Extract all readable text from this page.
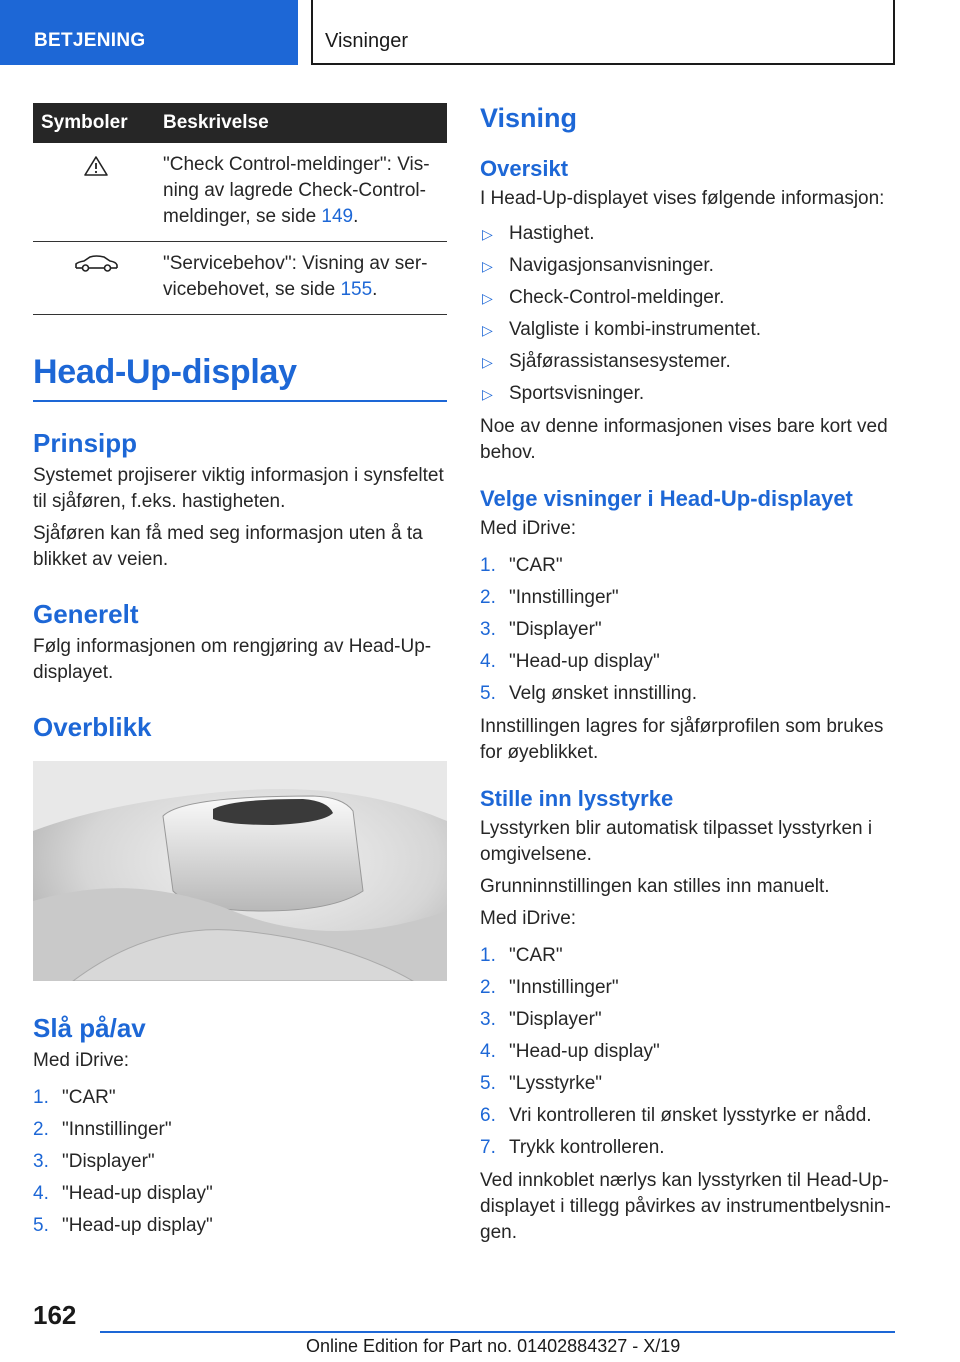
BETJENING	Visninger
Symboler	Beskrivelse
	"Check Control-meldinger": Visning av lagrede Check-Control-meldinger, se side 149.
	"Servicebehov": Visning av servicebehovet, se side 155.
Head-Up-display
Prinsipp

Systemet projiserer viktig informasjon i synsfeltet til sjåføren, f.eks. hastigheten.

Sjåføren kan få med seg informasjon uten å ta blikket av veien.

Generelt

Følg informasjonen om rengjøring av Head-Up-displayet.

Overblikk
Slå på/av

Med iDrive:

1. "CAR"
2. "Innstillinger"
3. "Displayer"
4. "Head-up display"
5. "Head-up display"
Visning
Oversikt

I Head-Up-displayet vises følgende informasjon:

▷ Hastighet.
▷ Navigasjonsanvisninger.
▷ Check-Control-meldinger.
▷ Valgliste i kombi-instrumentet.
▷ Sjåførassistansesystemer.
▷ Sportsvisninger.

Noe av denne informasjonen vises bare kort ved behov.

Velge visninger i Head-Up-displayet

Med iDrive:

1. "CAR"
2. "Innstillinger"
3. "Displayer"
4. "Head-up display"
5. Velg ønsket innstilling.

Innstillingen lagres for sjåførprofilen som brukes for øyeblikket.

Stille inn lysstyrke

Lysstyrken blir automatisk tilpasset lysstyrken i omgivelsene.

Grunninnstillingen kan stilles inn manuelt.

Med iDrive:

1. "CAR"
2. "Innstillinger"
3. "Displayer"
4. "Head-up display"
5. "Lysstyrke"
6. Vri kontrolleren til ønsket lysstyrke er nådd.
7. Trykk kontrolleren.

Ved innkoblet nærlys kan lysstyrken til Head-Up-displayet i tillegg påvirkes av instrumentbelysningen.

162
Online Edition for Part no. 01402884327 - X/19
